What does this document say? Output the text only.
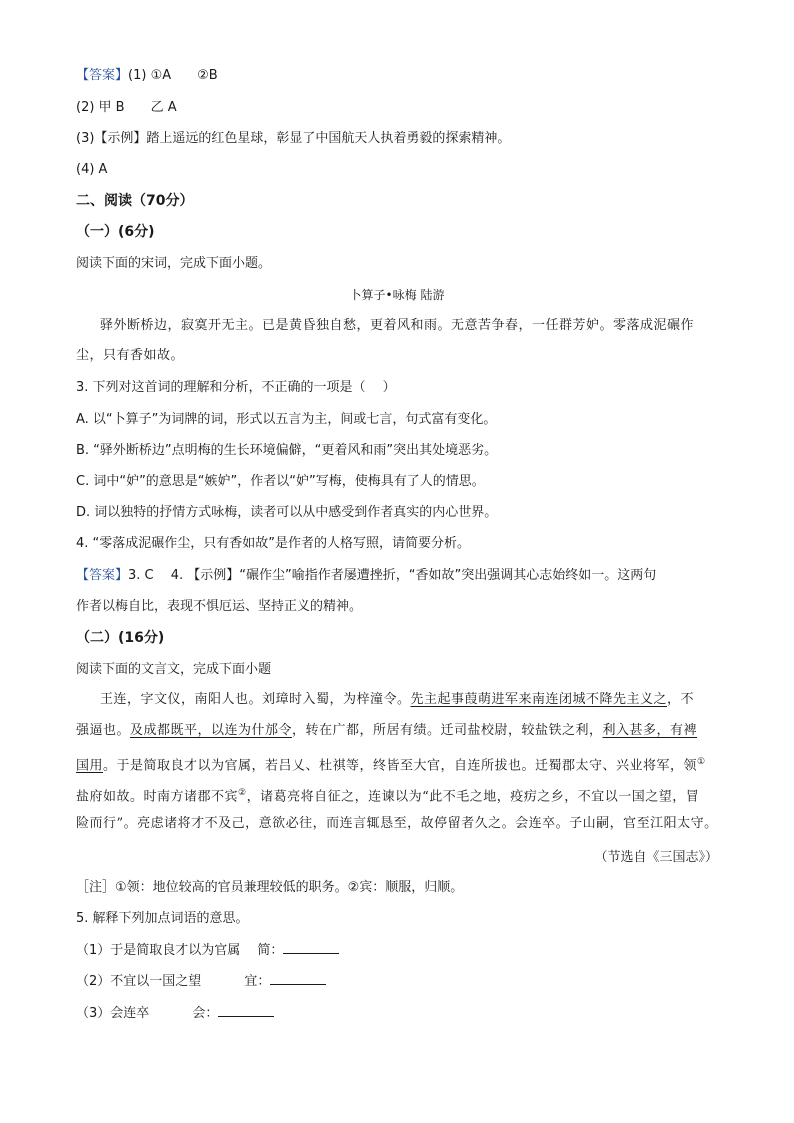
【答案】(1) ①A　　②B
(2) 甲 B　　乙 A
(3)【示例】踏上遥远的红色星球，彰显了中国航天人执着勇毅的探索精神。
(4) A
二、阅读（70分）
（一）(6分)
阅读下面的宋词，完成下面小题。
卜算子•咏梅 陆游
驿外断桥边，寂寞开无主。已是黄昏独自愁，更着风和雨。无意苦争春，一任群芳妒。零落成泥碾作
尘，只有香如故。
3. 下列对这首词的理解和分析，不正确的一项是（　 ）
A. 以“卜算子”为词牌的词，形式以五言为主，间或七言，句式富有变化。
B. “驿外断桥边”点明梅的生长环境偏僻，“更着风和雨”突出其处境恶劣。
C. 词中“妒”的意思是“嫉妒”，作者以“妒”写梅，使梅具有了人的情思。
D. 词以独特的抒情方式咏梅，读者可以从中感受到作者真实的内心世界。
4. “零落成泥碾作尘，只有香如故”是作者的人格写照，请简要分析。
【答案】3. C　 4. 【示例】“碾作尘”喻指作者屡遭挫折，“香如故”突出强调其心志始终如一。这两句
作者以梅自比，表现不惧厄运、坚持正义的精神。
（二）(16分)
阅读下面的文言文，完成下面小题
王连，字文仪，南阳人也。刘璋时入蜀，为梓潼令。先主起事葭萌进军来南连闭城不降先主义之，不
强逼也。及成都既平，以连为什邡令，转在广都，所居有绩。迁司盐校尉，较盐铁之利，利入甚多，有裨
国用。于是简取良才以为官属，若吕乂、杜祺等，终皆至大官，自连所拔也。迁蜀郡太守、兴业将军，领①
盐府如故。时南方诸郡不宾②，诸葛亮将自征之，连谏以为“此不毛之地，疫疠之乡，不宜以一国之望，冒
险而行”。亮虑诸将才不及己，意欲必往，而连言辄恳至，故停留者久之。会连卒。子山嗣，官至江阳太守。
（节选自《三国志》）
［注］①领：地位较高的官员兼理较低的职务。②宾：顺服，归顺。
5. 解释下列加点词语的意思。
（1）于是简取良才以为官属　 简：
（2）不宜以一国之望　　　 宜：
（3）会连卒　　　 会：
